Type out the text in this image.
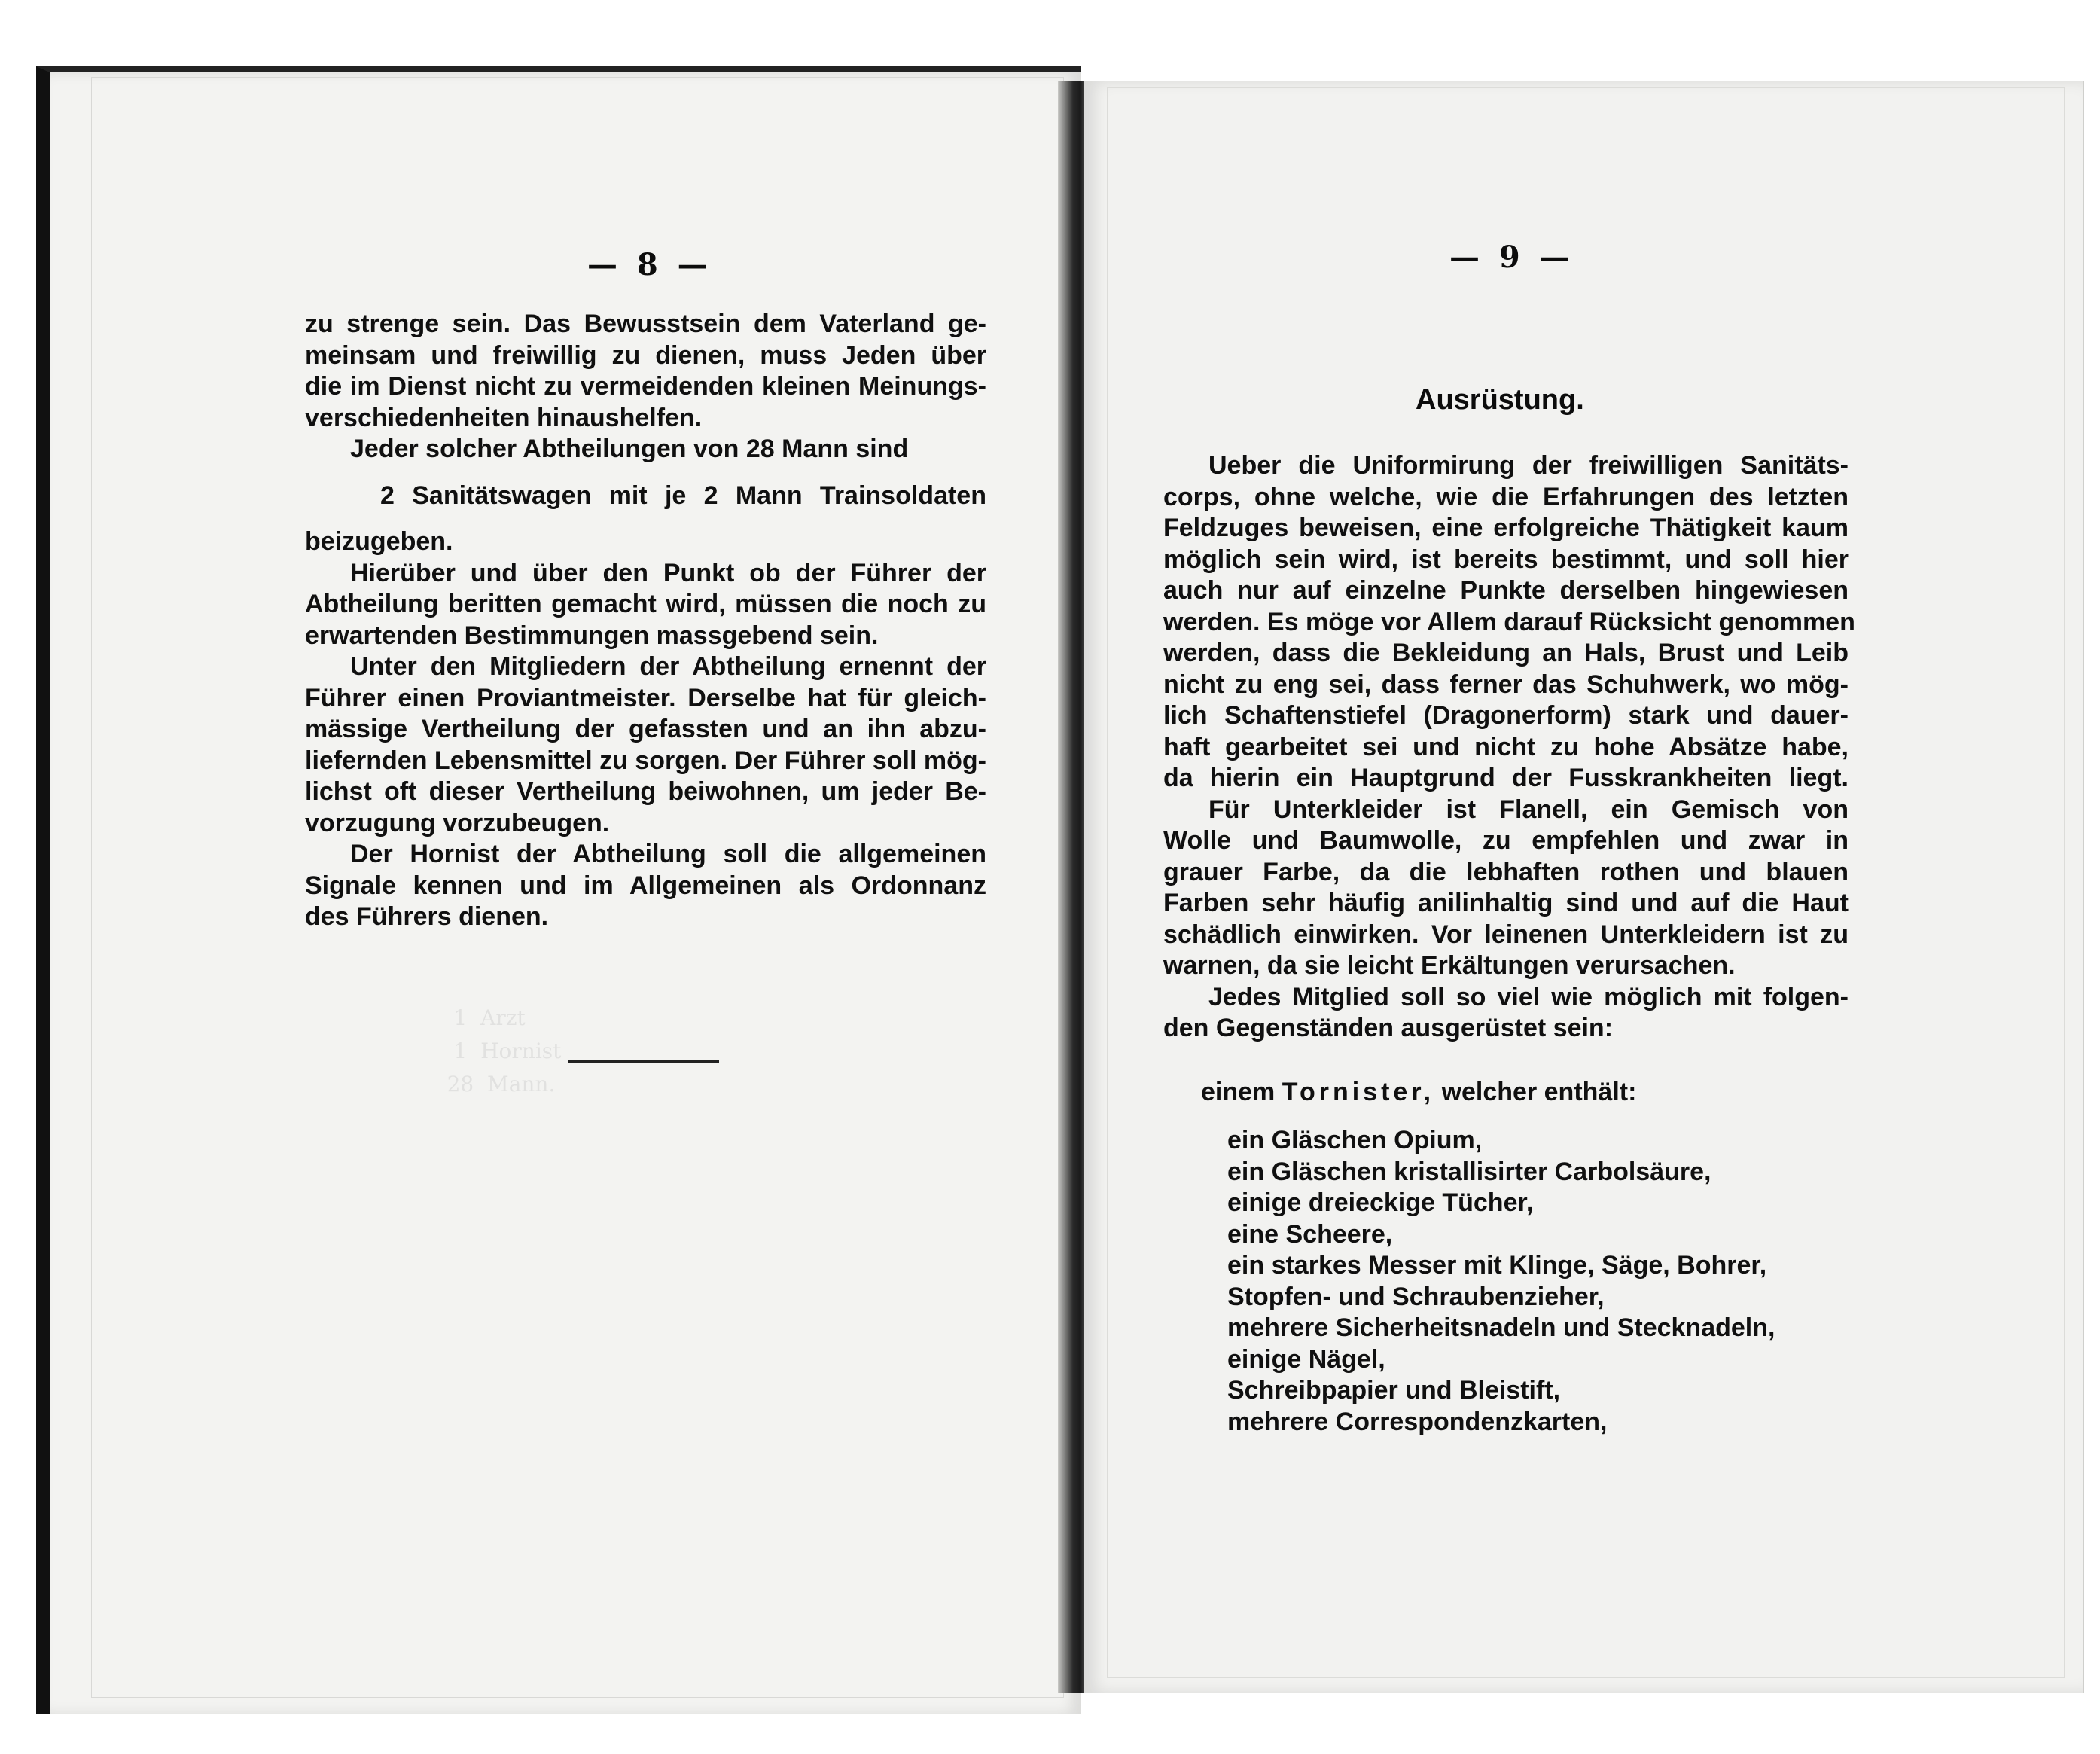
— 8 —
zu strenge sein. Das Bewusstsein dem Vaterland ge-
meinsam und freiwillig zu dienen, muss Jeden über
die im Dienst nicht zu vermeidenden kleinen Meinungs-
verschiedenheiten hinaushelfen.
Jeder solcher Abtheilungen von 28 Mann sind
2 Sanitätswagen mit je 2 Mann Trainsoldaten
beizugeben.
Hierüber und über den Punkt ob der Führer der
Abtheilung beritten gemacht wird, müssen die noch zu
erwartenden Bestimmungen massgebend sein.
Unter den Mitgliedern der Abtheilung ernennt der
Führer einen Proviantmeister. Derselbe hat für gleich-
mässige Vertheilung der gefassten und an ihn abzu-
liefernden Lebensmittel zu sorgen. Der Führer soll mög-
lichst oft dieser Vertheilung beiwohnen, um jeder Be-
vorzugung vorzubeugen.
Der Hornist der Abtheilung soll die allgemeinen
Signale kennen und im Allgemeinen als Ordonnanz
des Führers dienen.
— 9 —
Ausrüstung.
Ueber die Uniformirung der freiwilligen Sanitäts-
corps, ohne welche, wie die Erfahrungen des letzten
Feldzuges beweisen, eine erfolgreiche Thätigkeit kaum
möglich sein wird, ist bereits bestimmt, und soll hier
auch nur auf einzelne Punkte derselben hingewiesen
werden. Es möge vor Allem darauf Rücksicht genommen
werden, dass die Bekleidung an Hals, Brust und Leib
nicht zu eng sei, dass ferner das Schuhwerk, wo mög-
lich Schaftenstiefel (Dragonerform) stark und dauer-
haft gearbeitet sei und nicht zu hohe Absätze habe,
da hierin ein Hauptgrund der Fusskrankheiten liegt.
Für Unterkleider ist Flanell, ein Gemisch von
Wolle und Baumwolle, zu empfehlen und zwar in
grauer Farbe, da die lebhaften rothen und blauen
Farben sehr häufig anilinhaltig sind und auf die Haut
schädlich einwirken. Vor leinenen Unterkleidern ist zu
warnen, da sie leicht Erkältungen verursachen.
Jedes Mitglied soll so viel wie möglich mit folgen-
den Gegenständen ausgerüstet sein:
einem Tornister, welcher enthält:
ein Gläschen Opium,
ein Gläschen kristallisirter Carbolsäure,
einige dreieckige Tücher,
eine Scheere,
ein starkes Messer mit Klinge, Säge, Bohrer,
Stopfen- und Schraubenzieher,
mehrere Sicherheitsnadeln und Stecknadeln,
einige Nägel,
Schreibpapier und Bleistift,
mehrere Correspondenzkarten,
